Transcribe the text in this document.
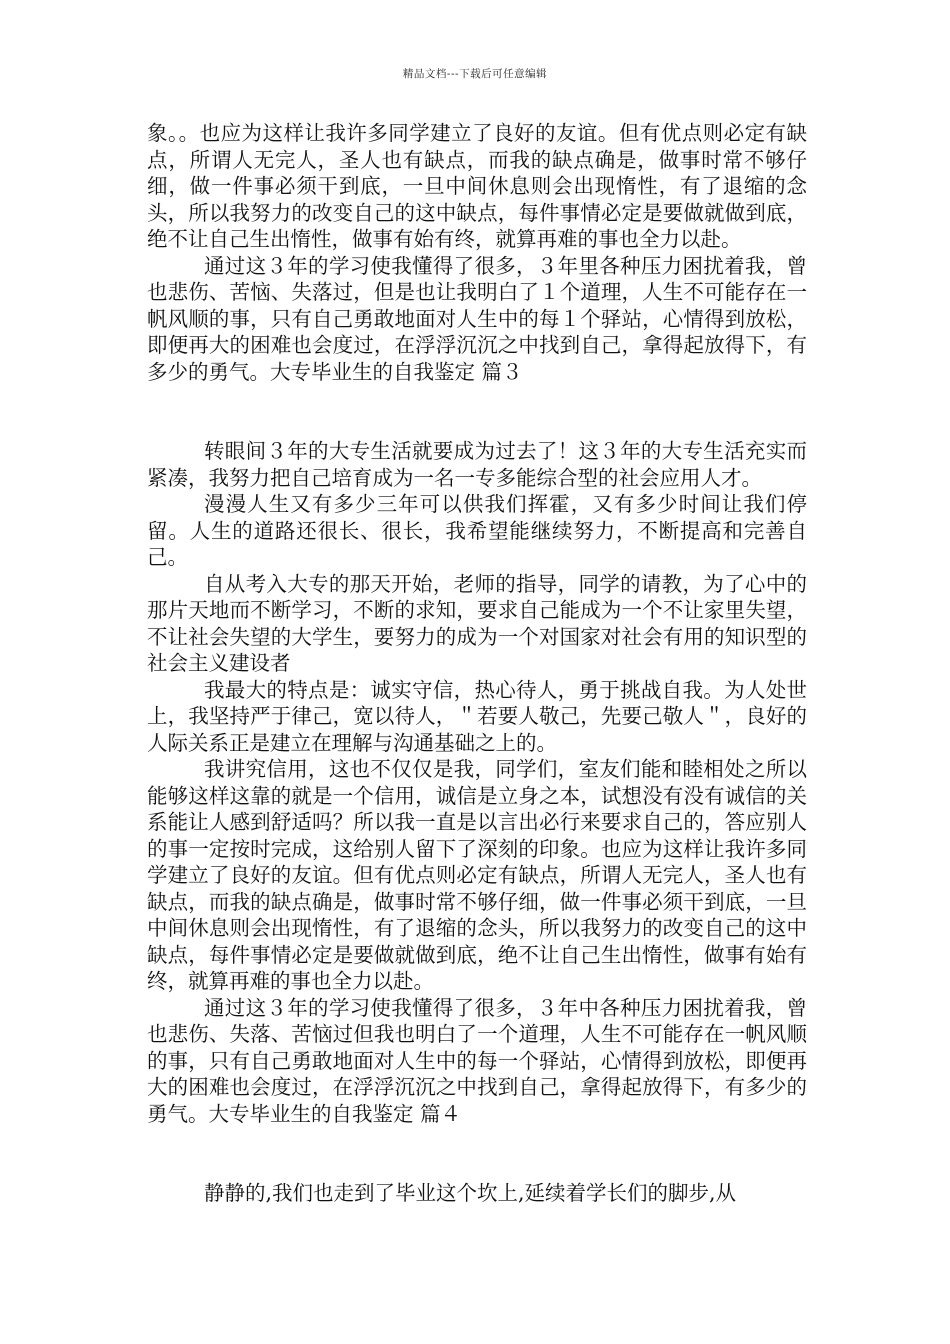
精品文档---下载后可任意编辑

象。。也应为这样让我许多同学建立了良好的友谊。但有优点则必定有缺点，所谓人无完人，圣人也有缺点，而我的缺点确是，做事时常不够仔细，做一件事必须干到底，一旦中间休息则会出现惰性，有了退缩的念头，所以我努力的改变自己的这中缺点，每件事情必定是要做就做到底，绝不让自己生出惰性，做事有始有终，就算再难的事也全力以赴。

通过这３年的学习使我懂得了很多，３年里各种压力困扰着我，曾也悲伤、苦恼、失落过，但是也让我明白了１个道理，人生不可能存在一帆风顺的事，只有自己勇敢地面对人生中的每１个驿站，心情得到放松，即便再大的困难也会度过，在浮浮沉沉之中找到自己，拿得起放得下，有多少的勇气。大专毕业生的自我鉴定 篇３

转眼间３年的大专生活就要成为过去了！这３年的大专生活充实而紧凑，我努力把自己培育成为一名一专多能综合型的社会应用人才。

漫漫人生又有多少三年可以供我们挥霍，又有多少时间让我们停留。人生的道路还很长、很长，我希望能继续努力，不断提高和完善自己。

自从考入大专的那天开始，老师的指导，同学的请教，为了心中的那片天地而不断学习，不断的求知，要求自己能成为一个不让家里失望，不让社会失望的大学生，要努力的成为一个对国家对社会有用的知识型的社会主义建设者

我最大的特点是：诚实守信，热心待人，勇于挑战自我。为人处世上，我坚持严于律己，宽以待人，＂若要人敬己，先要己敬人＂，良好的人际关系正是建立在理解与沟通基础之上的。

我讲究信用，这也不仅仅是我，同学们，室友们能和睦相处之所以能够这样这靠的就是一个信用，诚信是立身之本，试想没有没有诚信的关系能让人感到舒适吗？所以我一直是以言出必行来要求自己的，答应别人的事一定按时完成，这给别人留下了深刻的印象。也应为这样让我许多同学建立了良好的友谊。但有优点则必定有缺点，所谓人无完人，圣人也有缺点，而我的缺点确是，做事时常不够仔细，做一件事必须干到底，一旦中间休息则会出现惰性，有了退缩的念头，所以我努力的改变自己的这中缺点，每件事情必定是要做就做到底，绝不让自己生出惰性，做事有始有终，就算再难的事也全力以赴。

通过这３年的学习使我懂得了很多，３年中各种压力困扰着我，曾也悲伤、失落、苦恼过但我也明白了一个道理，人生不可能存在一帆风顺的事，只有自己勇敢地面对人生中的每一个驿站，心情得到放松，即便再大的困难也会度过，在浮浮沉沉之中找到自己，拿得起放得下，有多少的勇气。大专毕业生的自我鉴定 篇４

静静的,我们也走到了毕业这个坎上,延续着学长们的脚步,从
